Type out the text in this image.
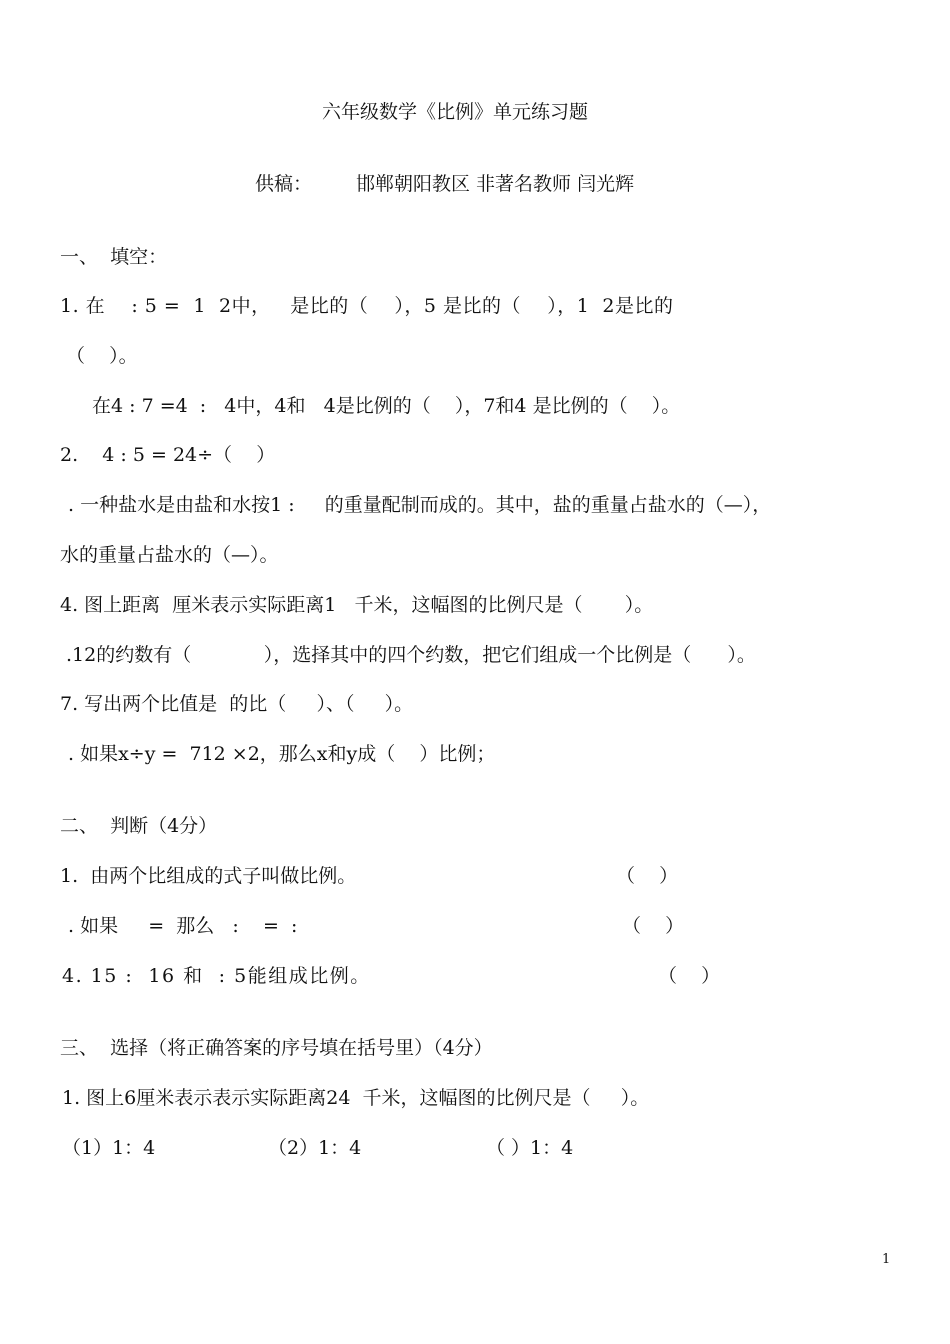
六年级数学《比例》单元练习题
供稿： 邯郸朝阳教区 非著名教师 闫光辉
一、  填空：
1. 在    : 5 =  1  2中，   是比的（    ），5 是比的（    ），1  2是比的
（    ）。
在4 : 7 =4  :   4中，4和   4是比例的（    ），7和4 是比例的（    ）。
2.    4 : 5 = 24÷（    ）
. 一种盐水是由盐和水按1 :     的重量配制而成的。其中，盐的重量占盐水的（—），
水的重量占盐水的（—）。
4. 图上距离  厘米表示实际距离1   千米，这幅图的比例尺是（       ）。
.12的约数有（            ），选择其中的四个约数，把它们组成一个比例是（      ）。
7. 写出两个比值是  的比（     ）、（     ）。
. 如果x÷y =  712 ×2，那么x和y成（    ）比例；
二、  判断（4分）
1.  由两个比组成的式子叫做比例。	（    ）
. 如果     =  那么   :    =  :	（    ）
4. 15 :  16 和  : 5能组成比例。	（    ）
三、  选择（将正确答案的序号填在括号里）（4分）
1. 图上6厘米表示表示实际距离24  千米，这幅图的比例尺是（     ）。
（1）1：4	（2）1：4	（ ）1：4
1
